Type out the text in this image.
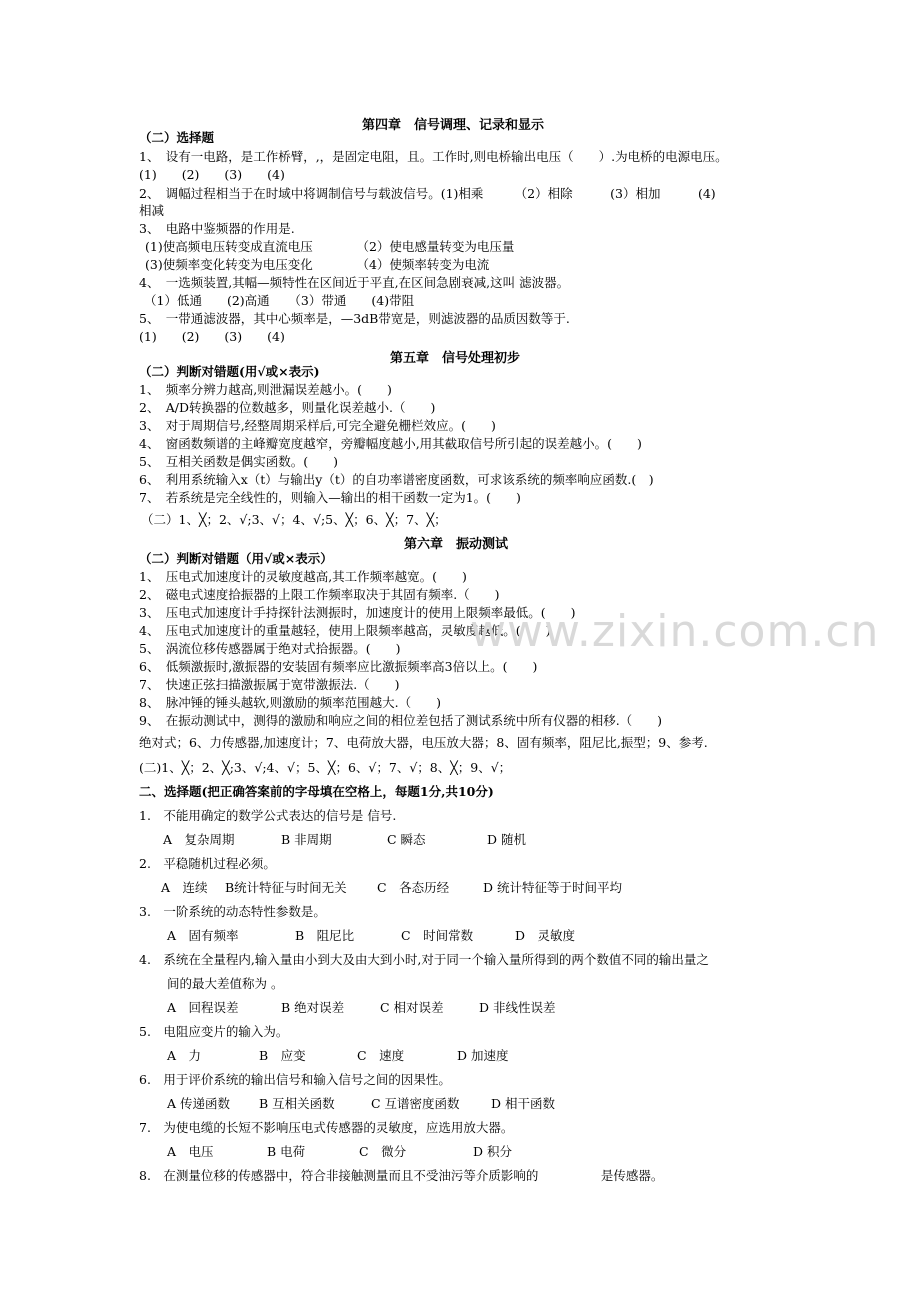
第四章　信号调理、记录和显示
（二）选择题
1、　设有一电路，是工作桥臂，,，是固定电阻，且。工作时,则电桥输出电压（　　）.为电桥的电源电压。
(1)　　(2)　　(3)　　(4)
2、　调幅过程相当于在时域中将调制信号与载波信号。(1)相乘　　　（2）相除　　　(3）相加　　　(4)
相减
3、　电路中鉴频器的作用是.
(1)使高频电压转变成直流电压　　　　（2）使电感量转变为电压量
(3)使频率变化转变为电压变化　　　　（4）使频率转变为电流
4、　一选频装置,其幅—频特性在区间近于平直,在区间急剧衰减,这叫 滤波器。
（1）低通　　(2)高通　　（3）带通　　(4)带阻
5、　一带通滤波器，其中心频率是，—3dB带宽是，则滤波器的品质因数等于.
(1)　　(2)　　(3)　　(4)
第五章　信号处理初步
（二）判断对错题(用√或×表示)
1、　频率分辨力越高,则泄漏误差越小。(　　)
2、　A/D转换器的位数越多，则量化误差越小.（　　)
3、　对于周期信号,经整周期采样后,可完全避免栅栏效应。(　　)
4、　窗函数频谱的主峰瓣宽度越窄，旁瓣幅度越小,用其截取信号所引起的误差越小。(　　)
5、　互相关函数是偶实函数。(　　)
6、　利用系统输入x（t）与输出y（t）的自功率谱密度函数，可求该系统的频率响应函数.(　)
7、　若系统是完全线性的，则输入—输出的相干函数一定为1。(　　)
（二）1、╳；2、√;3、√；4、√;5、╳；6、╳；7、╳；
第六章　振动测试
（二）判断对错题（用√或×表示）
1、　压电式加速度计的灵敏度越高,其工作频率越宽。(　　)
2、　磁电式速度拾振器的上限工作频率取决于其固有频率.（　　)
3、　压电式加速度计手持探针法测振时，加速度计的使用上限频率最低。(　　)
4、　压电式加速度计的重量越轻，使用上限频率越高，灵敏度越低。(　　)
5、　涡流位移传感器属于绝对式拾振器。(　　)
6、　低频激振时,激振器的安装固有频率应比激振频率高3倍以上。(　　)
7、　快速正弦扫描激振属于宽带激振法.（　　)
8、　脉冲锤的锤头越软,则激励的频率范围越大.（　　)
9、　在振动测试中，测得的激励和响应之间的相位差包括了测试系统中所有仪器的相移.（　　)
绝对式；6、力传感器,加速度计；7、电荷放大器，电压放大器；8、固有频率，阻尼比,振型；9、参考.
(二)1、╳；2、╳;3、√;4、√；5、╳；6、√；7、√；8、╳；9、√；
二、选择题(把正确答案前的字母填在空格上，每题1分,共10分)
1.　不能用确定的数学公式表达的信号是 信号.
A　复杂周期	B 非周期	C 瞬态	D 随机
2.　平稳随机过程必须。
A　连续 B统计特征与时间无关 C　各态历经	D 统计特征等于时间平均
3.　一阶系统的动态特性参数是。
A　固有频率	B　阻尼比	C　时间常数	D　灵敏度
4.　系统在全量程内,输入量由小到大及由大到小时,对于同一个输入量所得到的两个数值不同的输出量之
间的最大差值称为 。
A　回程误差	B 绝对误差	C 相对误差	D 非线性误差
5.　电阻应变片的输入为。
A　力	B　应变	C　速度	D 加速度
6.　用于评价系统的输出信号和输入信号之间的因果性。
A 传递函数 B 互相关函数	C 互谱密度函数	D 相干函数
7.　为使电缆的长短不影响压电式传感器的灵敏度，应选用放大器。
A　电压	B 电荷	C　微分	D 积分
8.　在测量位移的传感器中，符合非接触测量而且不受油污等介质影响的　　　　　是传感器。
www.zixin.com.cn
